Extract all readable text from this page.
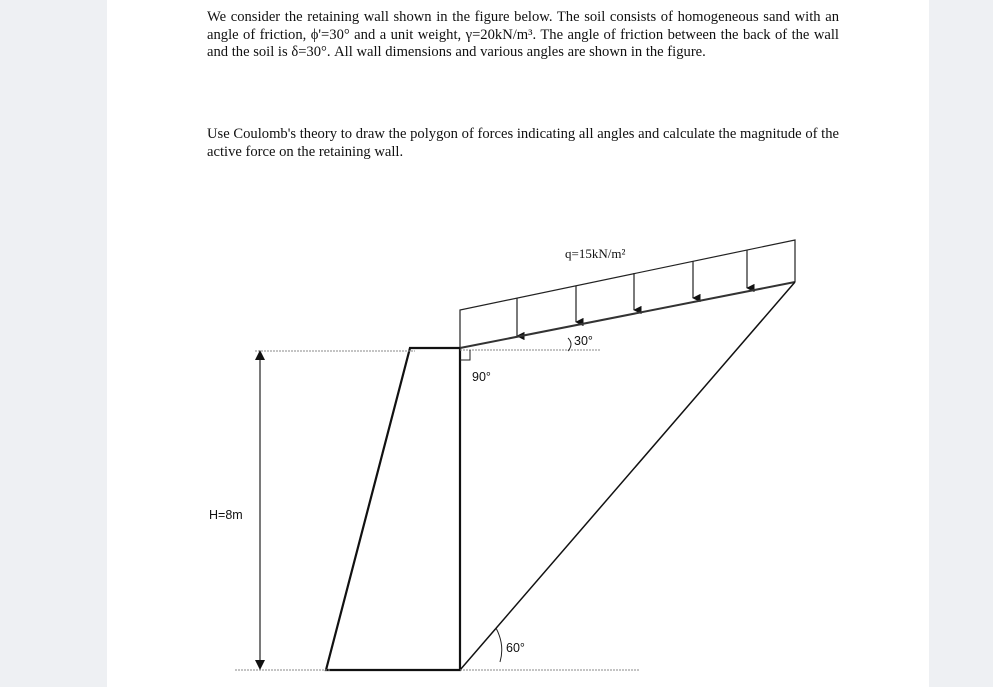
We consider the retaining wall shown in the figure below. The soil consists of homogeneous sand with an angle of friction, ϕ'=30° and a unit weight, γ=20kN/m³. The angle of friction between the back of the wall and the soil is δ=30°. All wall dimensions and various angles are shown in the figure.

Use Coulomb's theory to draw the polygon of forces indicating all angles and calculate the magnitude of the active force on the retaining wall.

q=15kN/m²
90°
30°
60°
H=8m
